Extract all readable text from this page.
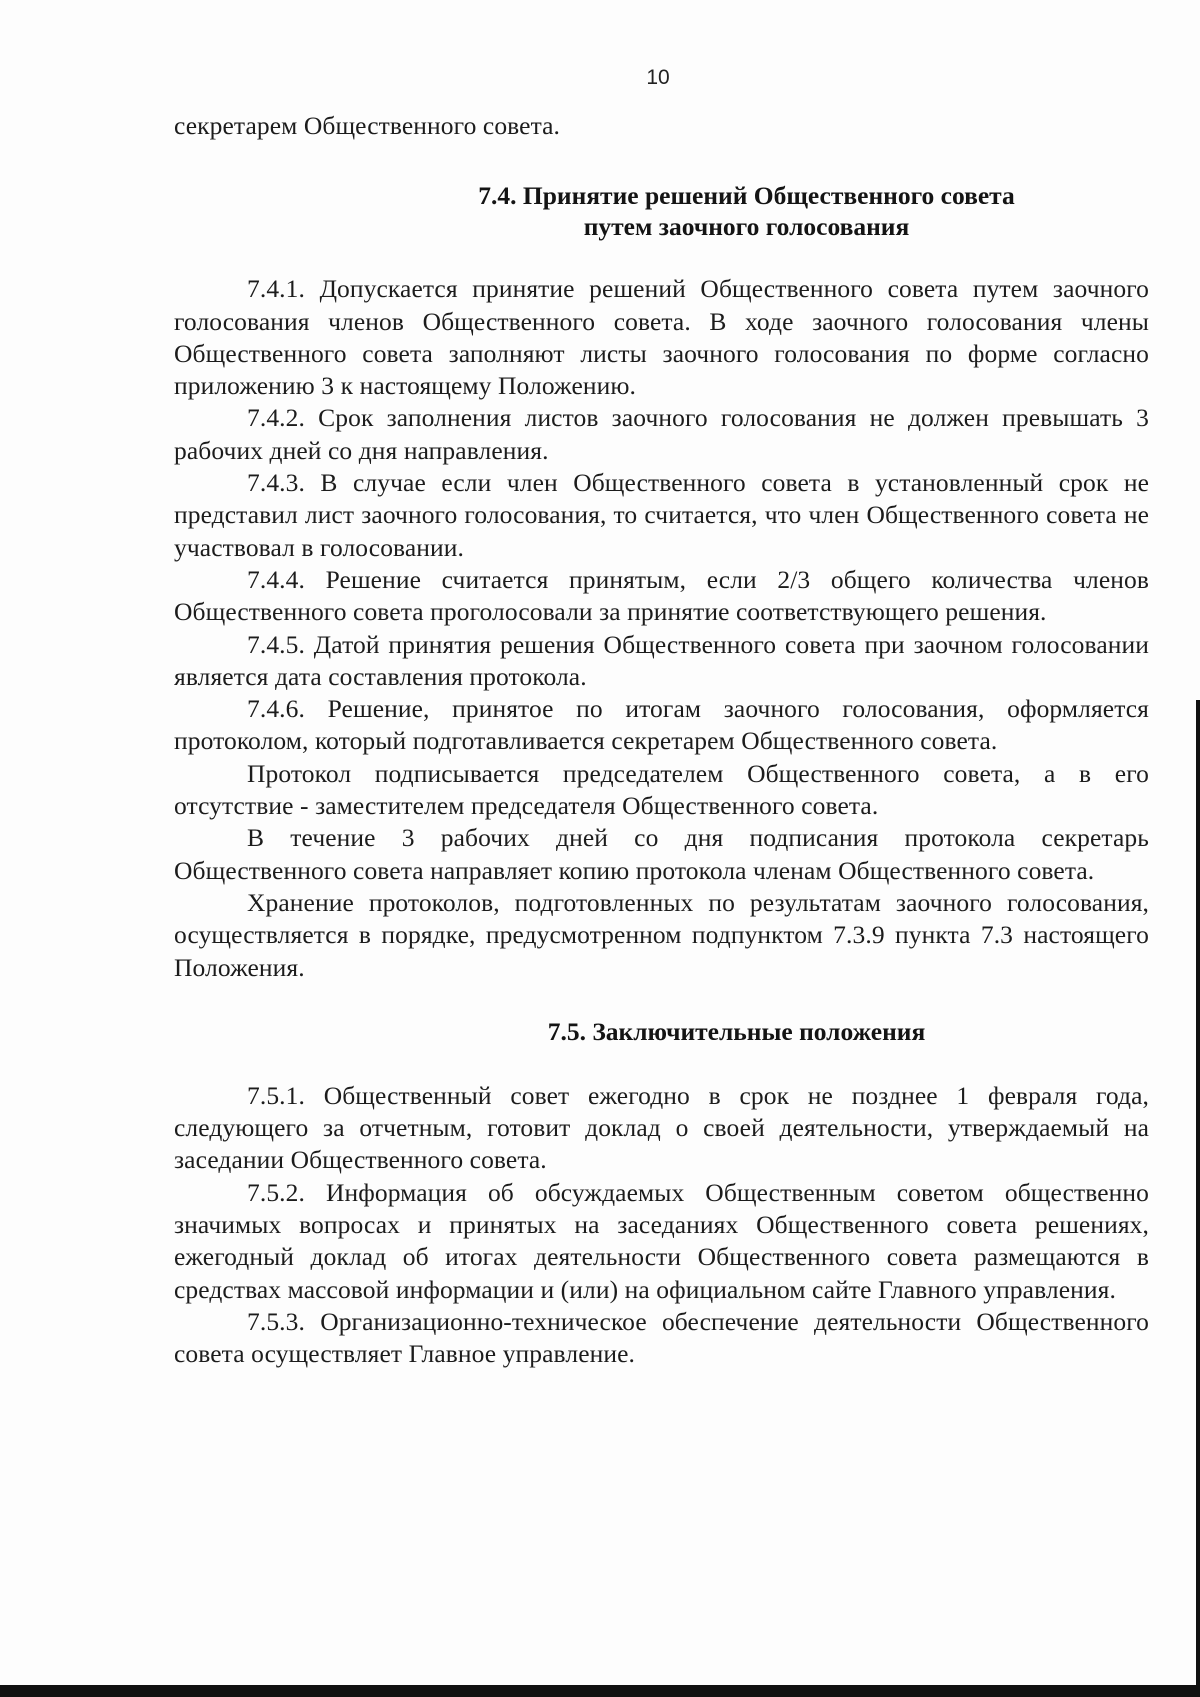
10

секретарем Общественного совета.

7.4. Принятие решений Общественного совета
путем заочного голосования

7.4.1. Допускается принятие решений Общественного совета путем заочного голосования членов Общественного совета. В ходе заочного голосования члены Общественного совета заполняют листы заочного голосования по форме согласно приложению 3 к настоящему Положению.

7.4.2. Срок заполнения листов заочного голосования не должен превышать 3 рабочих дней со дня направления.

7.4.3. В случае если член Общественного совета в установленный срок не представил лист заочного голосования, то считается, что член Общественного совета не участвовал в голосовании.

7.4.4. Решение считается принятым, если 2/3 общего количества членов Общественного совета проголосовали за принятие соответствующего решения.

7.4.5. Датой принятия решения Общественного совета при заочном голосовании является дата составления протокола.

7.4.6. Решение, принятое по итогам заочного голосования, оформляется протоколом, который подготавливается секретарем Общественного совета.

Протокол подписывается председателем Общественного совета, а в его отсутствие - заместителем председателя Общественного совета.

В течение 3 рабочих дней со дня подписания протокола секретарь Общественного совета направляет копию протокола членам Общественного совета.

Хранение протоколов, подготовленных по результатам заочного голосования, осуществляется в порядке, предусмотренном подпунктом 7.3.9 пункта 7.3 настоящего Положения.

7.5. Заключительные положения

7.5.1. Общественный совет ежегодно в срок не позднее 1 февраля года, следующего за отчетным, готовит доклад о своей деятельности, утверждаемый на заседании Общественного совета.

7.5.2. Информация об обсуждаемых Общественным советом общественно значимых вопросах и принятых на заседаниях Общественного совета решениях, ежегодный доклад об итогах деятельности Общественного совета размещаются в средствах массовой информации и (или) на официальном сайте Главного управления.

7.5.3. Организационно-техническое обеспечение деятельности Общественного совета осуществляет Главное управление.
